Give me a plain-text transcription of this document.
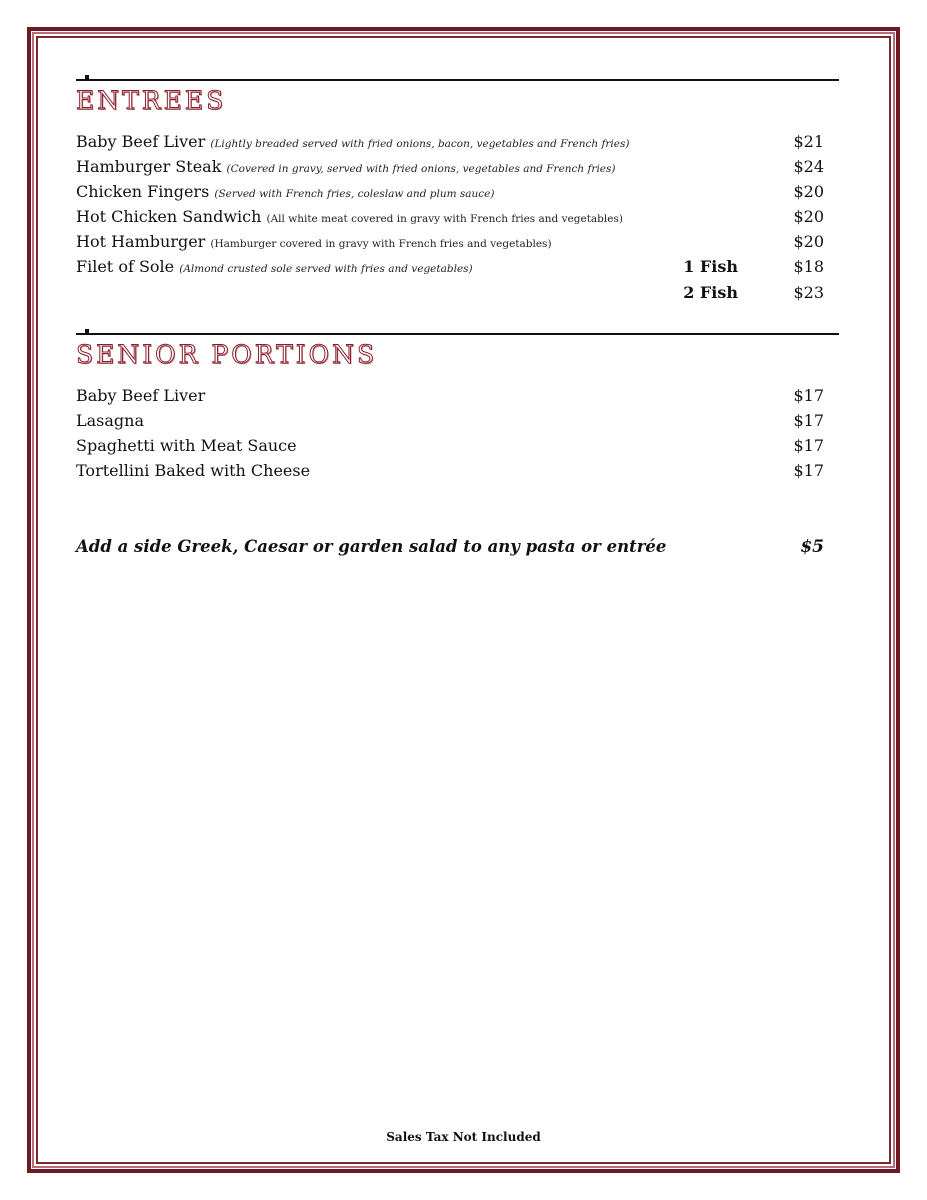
ENTREES
Baby Beef Liver (Lightly breaded served with fried onions, bacon, vegetables and French fries)	$21
Hamburger Steak (Covered in gravy, served with fried onions, vegetables and French fries)	$24
Chicken Fingers (Served with French fries, coleslaw and plum sauce)	$20
Hot Chicken Sandwich (All white meat covered in gravy with French fries and vegetables)	$20
Hot Hamburger (Hamburger covered in gravy with French fries and vegetables)	$20
Filet of Sole (Almond crusted sole served with fries and vegetables)	1 Fish	$18
2 Fish	$23
SENIOR PORTIONS
Baby Beef Liver	$17
Lasagna	$17
Spaghetti with Meat Sauce	$17
Tortellini Baked with Cheese	$17
Add a side Greek, Caesar or garden salad to any pasta or entrée	$5
Sales Tax Not Included
